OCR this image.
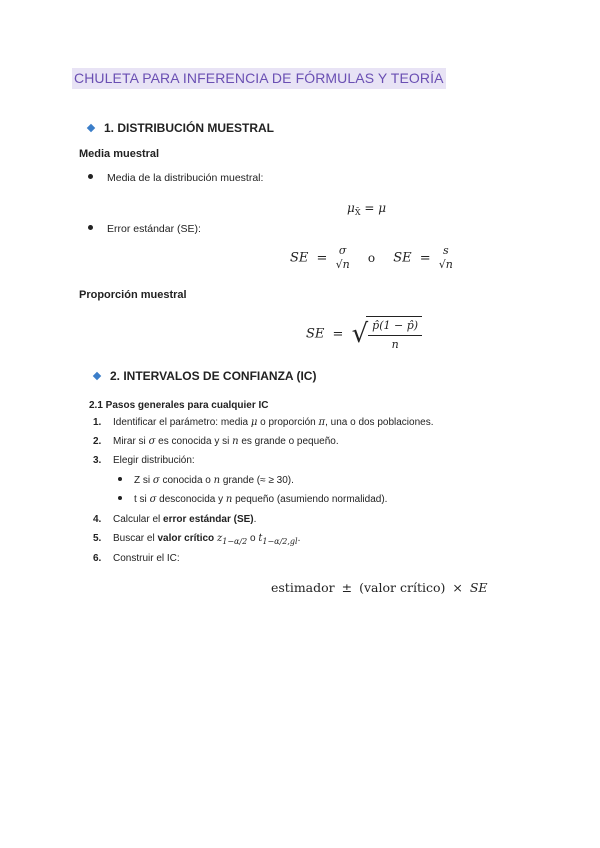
CHULETA PARA INFERENCIA DE FÓRMULAS Y TEORÍA
1. DISTRIBUCIÓN MUESTRAL
Media muestral
Media de la distribución muestral:
$\mu_{X̄} = \mu$
Error estándar (SE):
SE = σ
√n o SE =	s
√n
Proporción muestral
SE = √
$\frac{p̂(1 - p̂)}{n}$
2. INTERVALOS DE CONFIANZA (IC)
2.1 Pasos generales para cualquier IC
1. Identificar el parámetro: media μ o proporción π, una o dos poblaciones.
2. Mirar si σ es conocida y si n es grande o pequeño.
3. Elegir distribución:
Z si σ conocida o n grande (≈ ≥ 30).
t si σ desconocida y n pequeño (asumiendo normalidad).
4. Calcular el error estándar (SE).
5. Buscar el valor crítico $z_{1-\alpha/2}$ o $t_{1-\alpha/2,gl}$.
6. Construir el IC:
estimador ± (valor crítico) × SE
